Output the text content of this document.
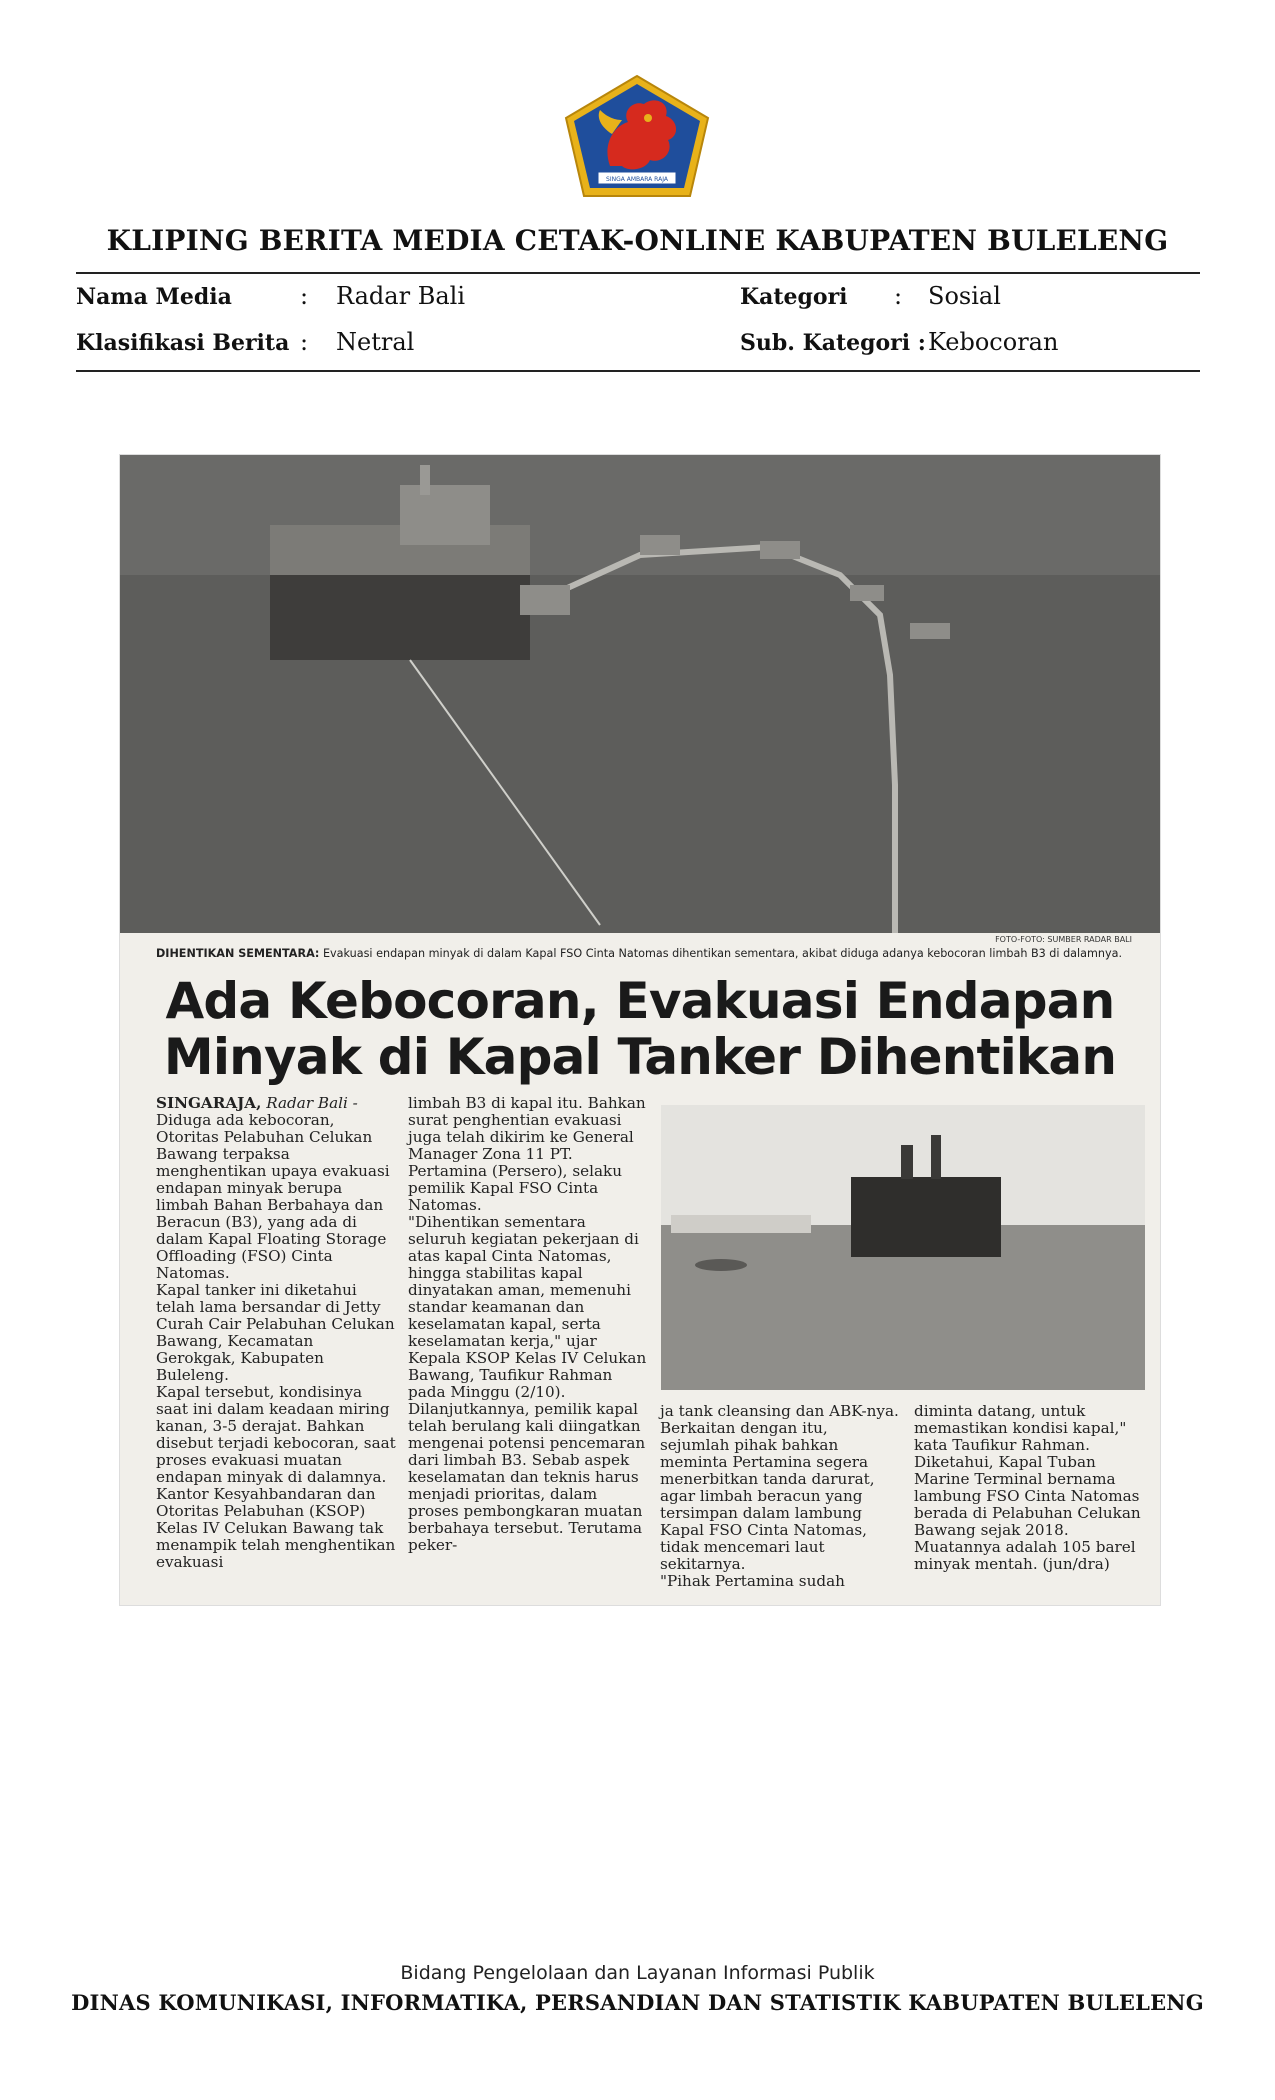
SINGA AMBARA RAJA
KLIPING BERITA MEDIA CETAK-ONLINE KABUPATEN BULELENG
Nama Media	: Radar Bali
Klasifikasi Berita : Netral
Kategori : Sosial
Sub. Kategori : Kebocoran
FOTO-FOTO: SUMBER RADAR BALI
DIHENTIKAN SEMENTARA: Evakuasi endapan minyak di dalam Kapal FSO Cinta Natomas dihentikan sementara, akibat diduga adanya kebocoran limbah B3 di dalamnya.
Ada Kebocoran, Evakuasi Endapan
Minyak di Kapal Tanker Dihentikan
SINGARAJA, Radar Bali -
Diduga ada kebocoran, Otoritas Pelabuhan Celukan Bawang terpaksa menghentikan upaya evakuasi endapan minyak berupa limbah Bahan Berbahaya dan Beracun (B3), yang ada di dalam Kapal Floating Storage Offloading (FSO) Cinta Natomas.
Kapal tanker ini diketahui telah lama bersandar di Jetty Curah Cair Pelabuhan Celukan Bawang, Kecamatan Gerokgak, Kabupaten Buleleng.
Kapal tersebut, kondisinya saat ini dalam keadaan miring kanan, 3-5 derajat. Bahkan disebut terjadi kebocoran, saat proses evakuasi muatan endapan minyak di dalamnya. Kantor Kesyahbandaran dan Otoritas Pelabuhan (KSOP) Kelas IV Celukan Bawang tak menampik telah menghentikan evakuasi
limbah B3 di kapal itu. Bahkan surat penghentian evakuasi juga telah dikirim ke General Manager Zona 11 PT. Pertamina (Persero), selaku pemilik Kapal FSO Cinta Natomas.
"Dihentikan sementara seluruh kegiatan pekerjaan di atas kapal Cinta Natomas, hingga stabilitas kapal dinyatakan aman, memenuhi standar keamanan dan keselamatan kapal, serta keselamatan kerja," ujar Kepala KSOP Kelas IV Celukan Bawang, Taufikur Rahman pada Minggu (2/10).
Dilanjutkannya, pemilik kapal telah berulang kali diingatkan mengenai potensi pencemaran dari limbah B3. Sebab aspek keselamatan dan teknis harus menjadi prioritas, dalam proses pembongkaran muatan berbahaya tersebut. Terutama peker-
ja tank cleansing dan ABK-nya.
Berkaitan dengan itu, sejumlah pihak bahkan meminta Pertamina segera menerbitkan tanda darurat, agar limbah beracun yang tersimpan dalam lambung Kapal FSO Cinta Natomas, tidak mencemari laut sekitarnya.
"Pihak Pertamina sudah
diminta datang, untuk memastikan kondisi kapal," kata Taufikur Rahman.
Diketahui, Kapal Tuban Marine Terminal bernama lambung FSO Cinta Natomas berada di Pelabuhan Celukan Bawang sejak 2018. Muatannya adalah 105 barel minyak mentah. (jun/dra)
Bidang Pengelolaan dan Layanan Informasi Publik
DINAS KOMUNIKASI, INFORMATIKA, PERSANDIAN DAN STATISTIK KABUPATEN BULELENG
